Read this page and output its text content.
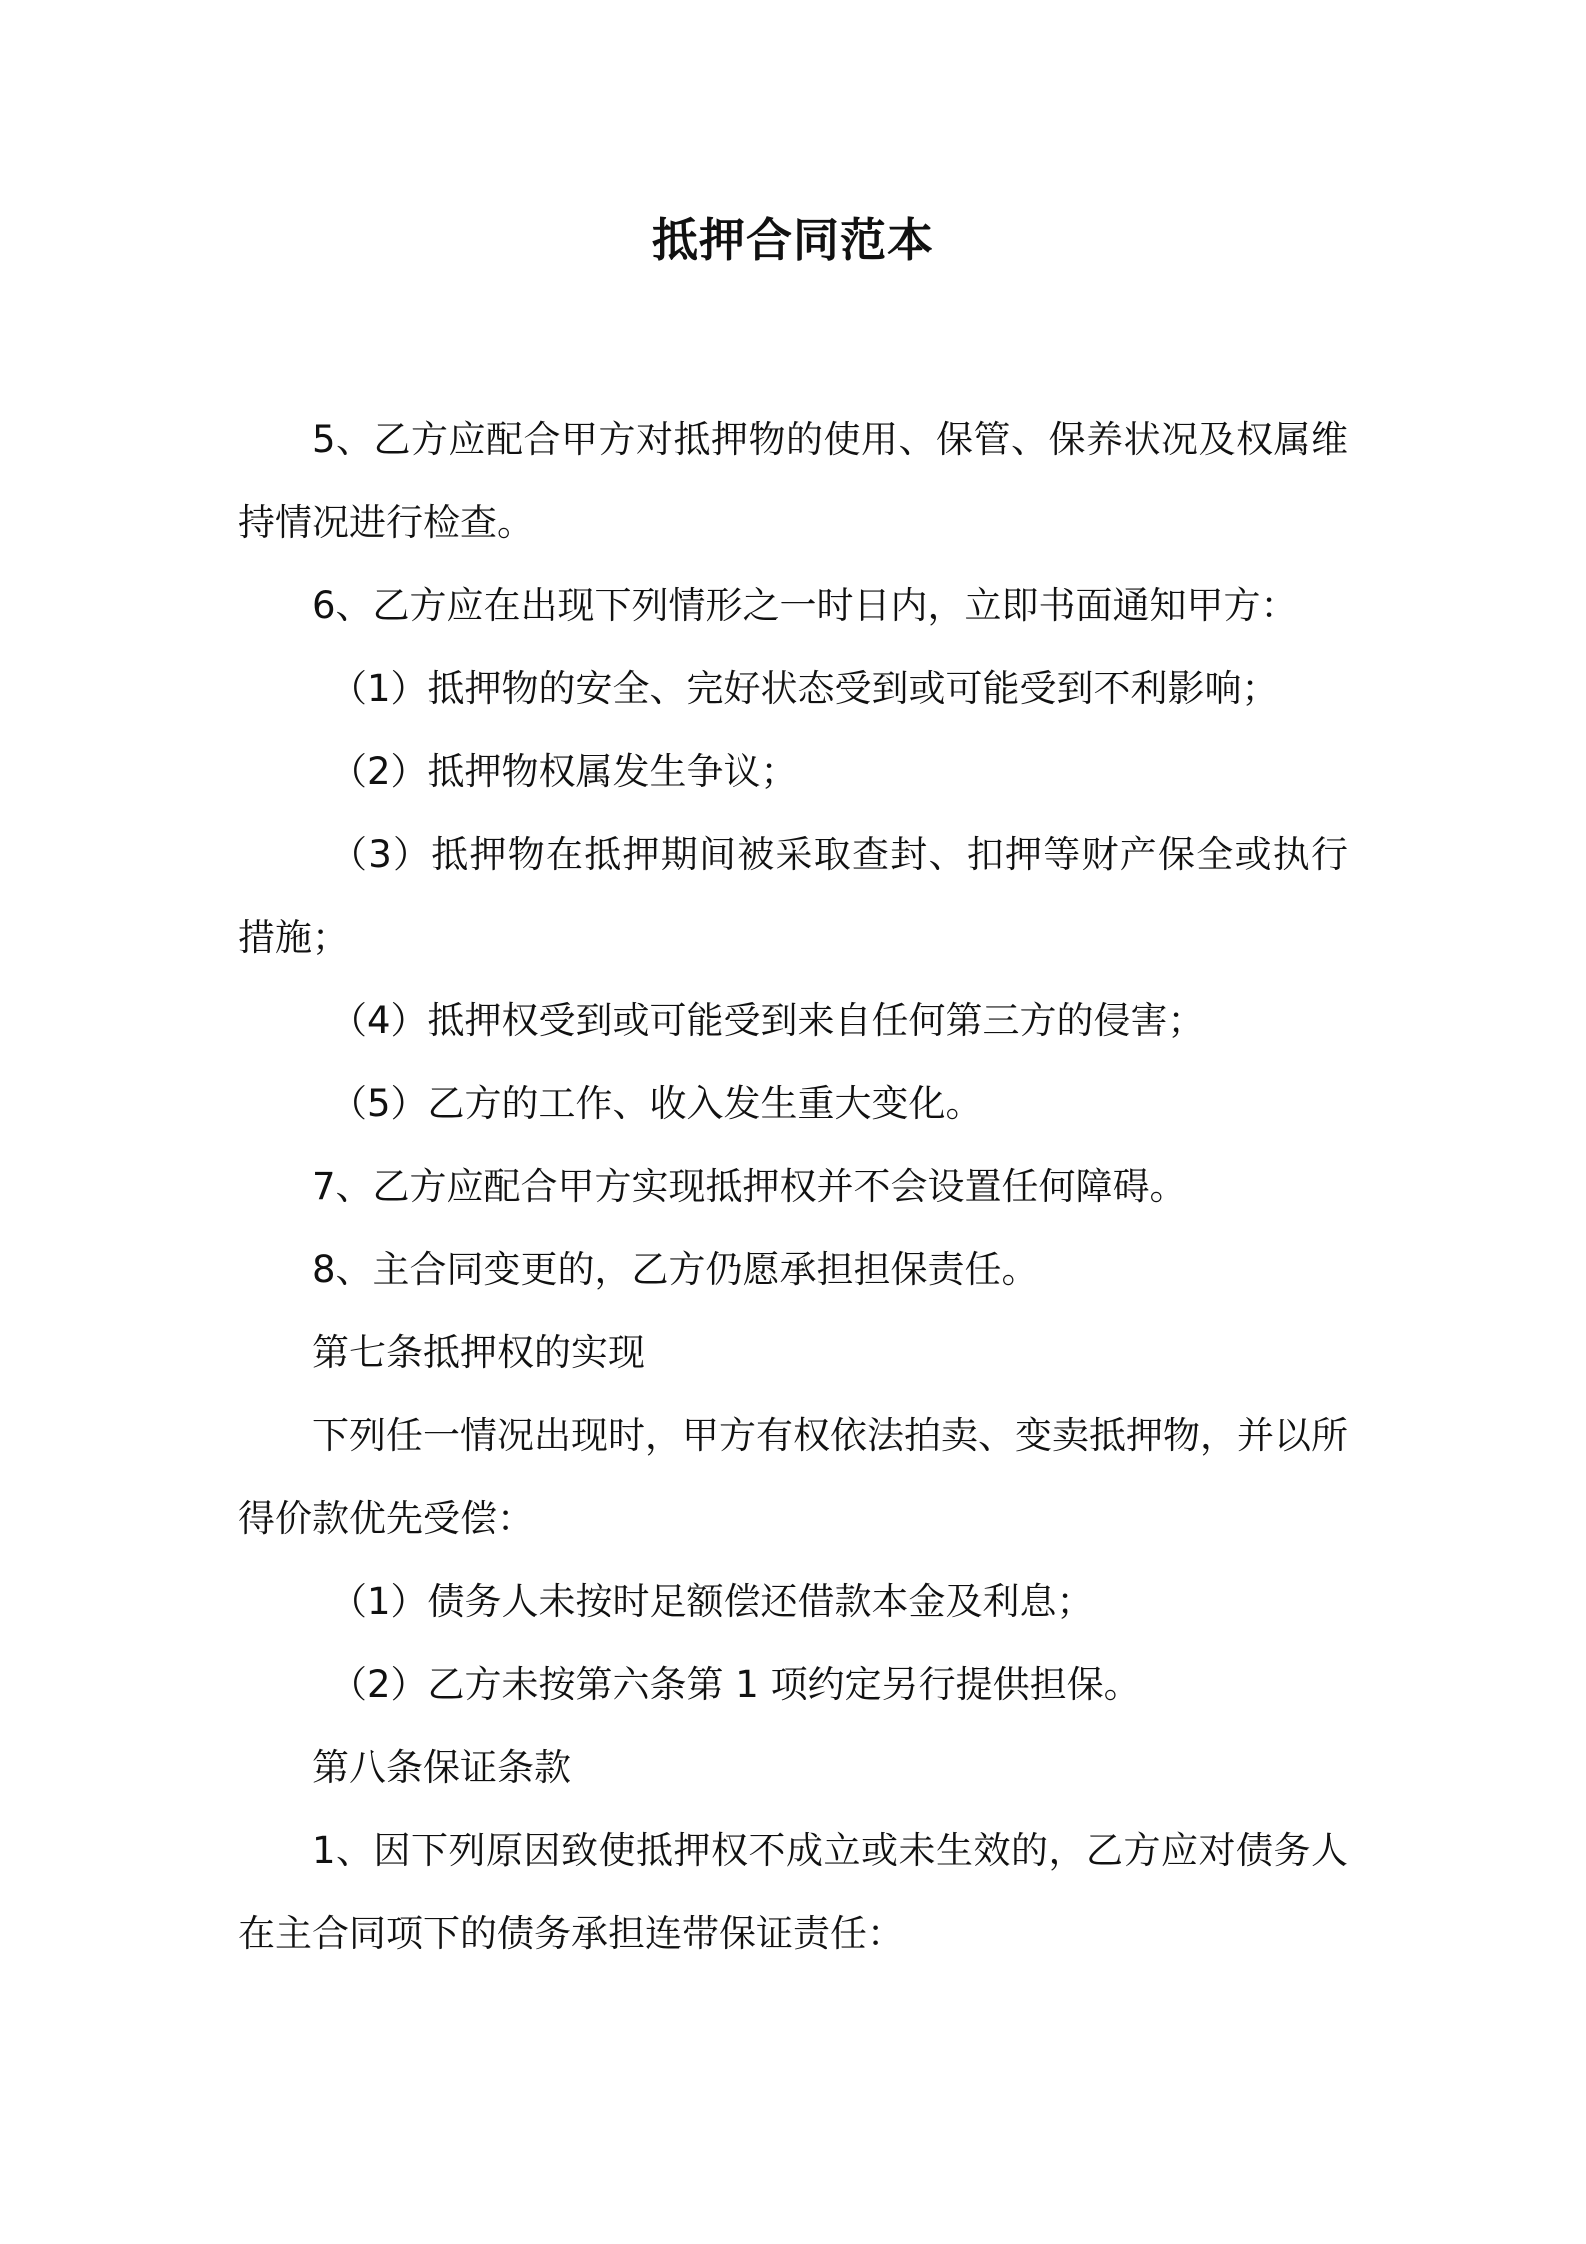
抵押合同范本

5、乙方应配合甲方对抵押物的使用、保管、保养状况及权属维持情况进行检查。

6、乙方应在出现下列情形之一时日内，立即书面通知甲方：

（1）抵押物的安全、完好状态受到或可能受到不利影响；

（2）抵押物权属发生争议；

（3）抵押物在抵押期间被采取查封、扣押等财产保全或执行措施；

（4）抵押权受到或可能受到来自任何第三方的侵害；

（5）乙方的工作、收入发生重大变化。

7、乙方应配合甲方实现抵押权并不会设置任何障碍。

8、主合同变更的，乙方仍愿承担担保责任。

第七条抵押权的实现

下列任一情况出现时，甲方有权依法拍卖、变卖抵押物，并以所得价款优先受偿：

（1）债务人未按时足额偿还借款本金及利息；

（2）乙方未按第六条第 1 项约定另行提供担保。

第八条保证条款

1、因下列原因致使抵押权不成立或未生效的，乙方应对债务人在主合同项下的债务承担连带保证责任：
